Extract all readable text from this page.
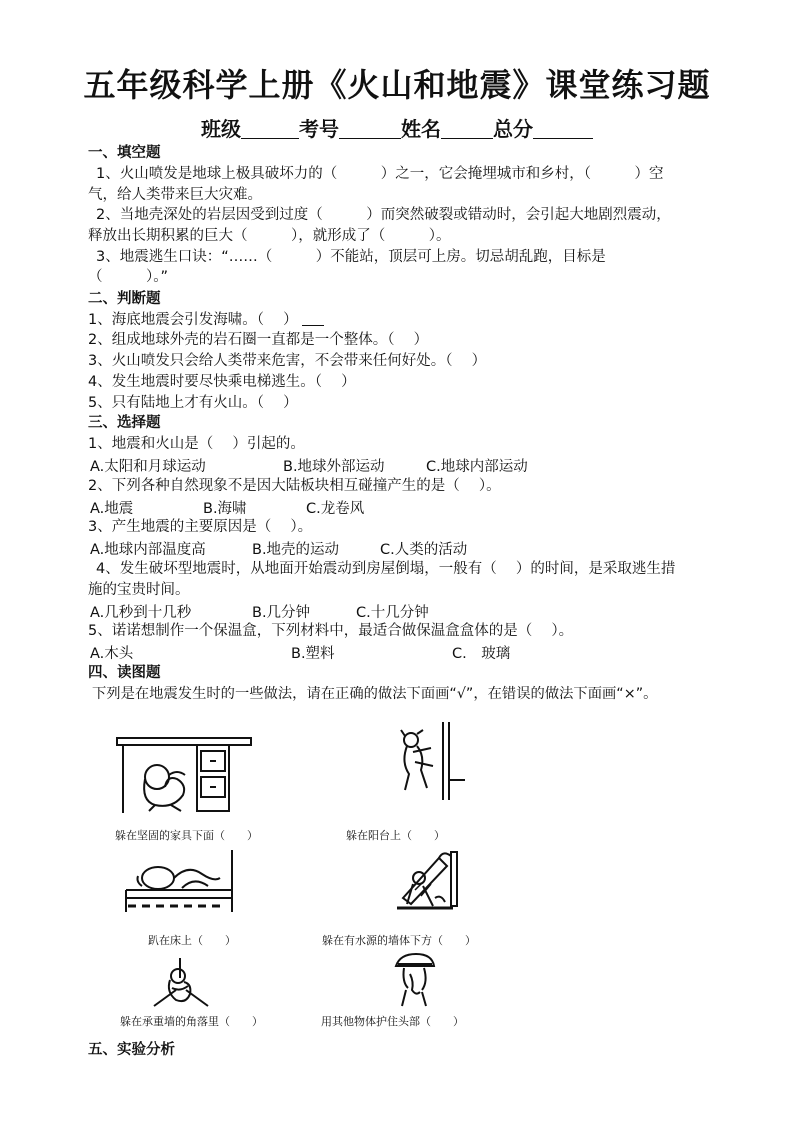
五年级科学上册《火山和地震》课堂练习题
班级	考号	姓名	总分
一、填空题
1、火山喷发是地球上极具破坏力的（　　　）之一，它会掩埋城市和乡村，（　　　）空
气，给人类带来巨大灾难。
2、当地壳深处的岩层因受到过度（　　　）而突然破裂或错动时，会引起大地剧烈震动，
释放出长期积累的巨大（　　　），就形成了（　　　）。
3、地震逃生口诀：“……（　　　）不能站，顶层可上房。切忌胡乱跑，目标是
（　　　）。”
二、判断题
1、海底地震会引发海啸。（　 ）
2、组成地球外壳的岩石圈一直都是一个整体。（　 ）
3、火山喷发只会给人类带来危害，不会带来任何好处。（　 ）
4、发生地震时要尽快乘电梯逃生。（　 ）
5、只有陆地上才有火山。（　 ）
三、选择题
1、地震和火山是（　 ）引起的。
A.太阳和月球运动	B.地球外部运动	C.地球内部运动
2、下列各种自然现象不是因大陆板块相互碰撞产生的是（　 ）。
A.地震	B.海啸	C.龙卷风
3、产生地震的主要原因是（　 ）。
A.地球内部温度高	B.地壳的运动	C.人类的活动
4、发生破坏型地震时，从地面开始震动到房屋倒塌，一般有（　 ）的时间，是采取逃生措
施的宝贵时间。
A.几秒到十几秒	B.几分钟	C.十几分钟
5、诺诺想制作一个保温盒，下列材料中，最适合做保温盒盒体的是（　 ）。
A.木头	B.塑料	C.　玻璃
四、读图题
下列是在地震发生时的一些做法，请在正确的做法下面画“√”，在错误的做法下面画“×”。
躲在坚固的家具下面（　　）	躲在阳台上（　　）
趴在床上（　　）	躲在有水源的墙体下方（　　）
躲在承重墙的角落里（　　）	用其他物体护住头部（　　）
五、实验分析
